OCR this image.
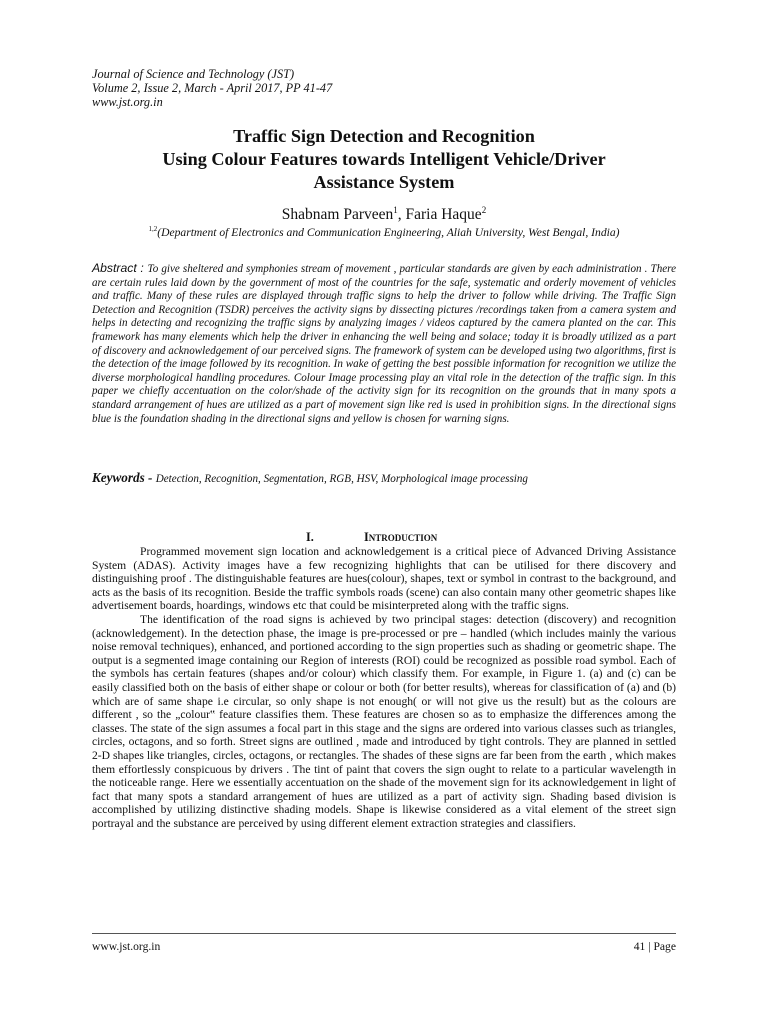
Journal of Science and Technology (JST)
Volume 2, Issue 2, March - April 2017, PP 41-47
www.jst.org.in
Traffic Sign Detection and Recognition
Using Colour Features towards Intelligent Vehicle/Driver
Assistance System
Shabnam Parveen$^1$, Faria Haque$^2$
$^{1,2}$(Department of Electronics and Communication Engineering, Aliah University, West Bengal, India)
Abstract : To give sheltered and symphonies stream of movement , particular standards are given by each administration . There are certain rules laid down by the government of most of the countries for the safe, systematic and orderly movement of vehicles and traffic. Many of these rules are displayed through traffic signs to help the driver to follow while driving. The Traffic Sign Detection and Recognition (TSDR) perceives the activity signs by dissecting pictures /recordings taken from a camera system and helps in detecting and recognizing the traffic signs by analyzing images / videos captured by the camera planted on the car. This framework has many elements which help the driver in enhancing the well being and solace; today it is broadly utilized as a part of discovery and acknowledgement of our perceived signs. The framework of system can be developed using two algorithms, first is the detection of the image followed by its recognition. In wake of getting the best possible information for recognition we utilize the diverse morphological handling procedures. Colour Image processing play an vital role in the detection of the traffic sign. In this paper we chiefly accentuation on the color/shade of the activity sign for its recognition on the grounds that in many spots a standard arrangement of hues are utilized as a part of movement sign like red is used in prohibition signs. In the directional signs blue is the foundation shading in the directional signs and yellow is chosen for warning signs.
Keywords - Detection, Recognition, Segmentation, RGB, HSV, Morphological image processing
I.	Introduction

Programmed movement sign location and acknowledgement is a critical piece of Advanced Driving Assistance System (ADAS). Activity images have a few recognizing highlights that can be utilised for there discovery and distinguishing proof . The distinguishable features are hues(colour), shapes, text or symbol in contrast to the background, and acts as the basis of its recognition. Beside the traffic symbols roads (scene) can also contain many other geometric shapes like advertisement boards, hoardings, windows etc that could be misinterpreted along with the traffic signs.

The identification of the road signs is achieved by two principal stages: detection (discovery) and recognition (acknowledgement). In the detection phase, the image is pre-processed or pre – handled (which includes mainly the various noise removal techniques), enhanced, and portioned according to the sign properties such as shading or geometric shape. The output is a segmented image containing our Region of interests (ROI) could be recognized as possible road symbol. Each of the symbols has certain features (shapes and/or colour) which classify them. For example, in Figure 1. (a) and (c) can be easily classified both on the basis of either shape or colour or both (for better results), whereas for classification of (a) and (b) which are of same shape i.e circular, so only shape is not enough( or will not give us the result) but as the colours are different , so the „colour‟ feature classifies them. These features are chosen so as to emphasize the differences among the classes. The state of the sign assumes a focal part in this stage and the signs are ordered into various classes such as triangles, circles, octagons, and so forth. Street signs are outlined , made and introduced by tight controls. They are planned in settled 2-D shapes like triangles, circles, octagons, or rectangles. The shades of these signs are far been from the earth , which makes them effortlessly conspicuous by drivers . The tint of paint that covers the sign ought to relate to a particular wavelength in the noticeable range. Here we essentially accentuation on the shade of the movement sign for its acknowledgement in light of fact that many spots a standard arrangement of hues are utilized as a part of activity sign. Shading based division is accomplished by utilizing distinctive shading models. Shape is likewise considered as a vital element of the street sign portrayal and the substance are perceived by using different element extraction strategies and classifiers.

www.jst.org.in	41 | Page
